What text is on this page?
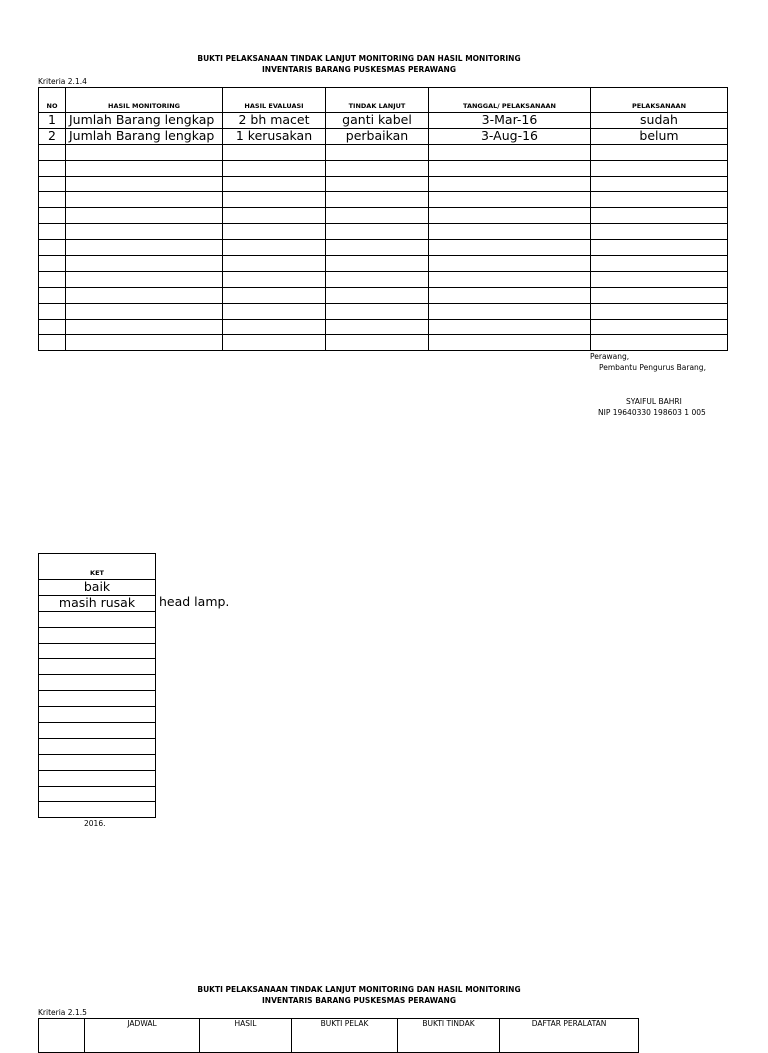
BUKTI PELAKSANAAN TINDAK LANJUT MONITORING DAN HASIL MONITORING
INVENTARIS BARANG PUSKESMAS PERAWANG
Kriteria 2.1.4
NO	HASIL MONITORING	HASIL EVALUASI	TINDAK LANJUT	TANGGAL/ PELAKSANAAN	PELAKSANAAN
1	Jumlah Barang lengkap	2 bh macet	ganti kabel	3-Mar-16	sudah
2	Jumlah Barang lengkap	1 kerusakan	perbaikan	3-Aug-16	belum

Perawang,
Pembantu Pengurus Barang,
SYAIFUL BAHRI
NIP 19640330 198603 1 005
KET
baik
masih rusak head lamp.
2016.
BUKTI PELAKSANAAN TINDAK LANJUT MONITORING DAN HASIL MONITORING
INVENTARIS BARANG PUSKESMAS PERAWANG
Kriteria 2.1.5
	JADWAL	HASIL	BUKTI PELAK	BUKTI TINDAK	DAFTAR PERALATAN
